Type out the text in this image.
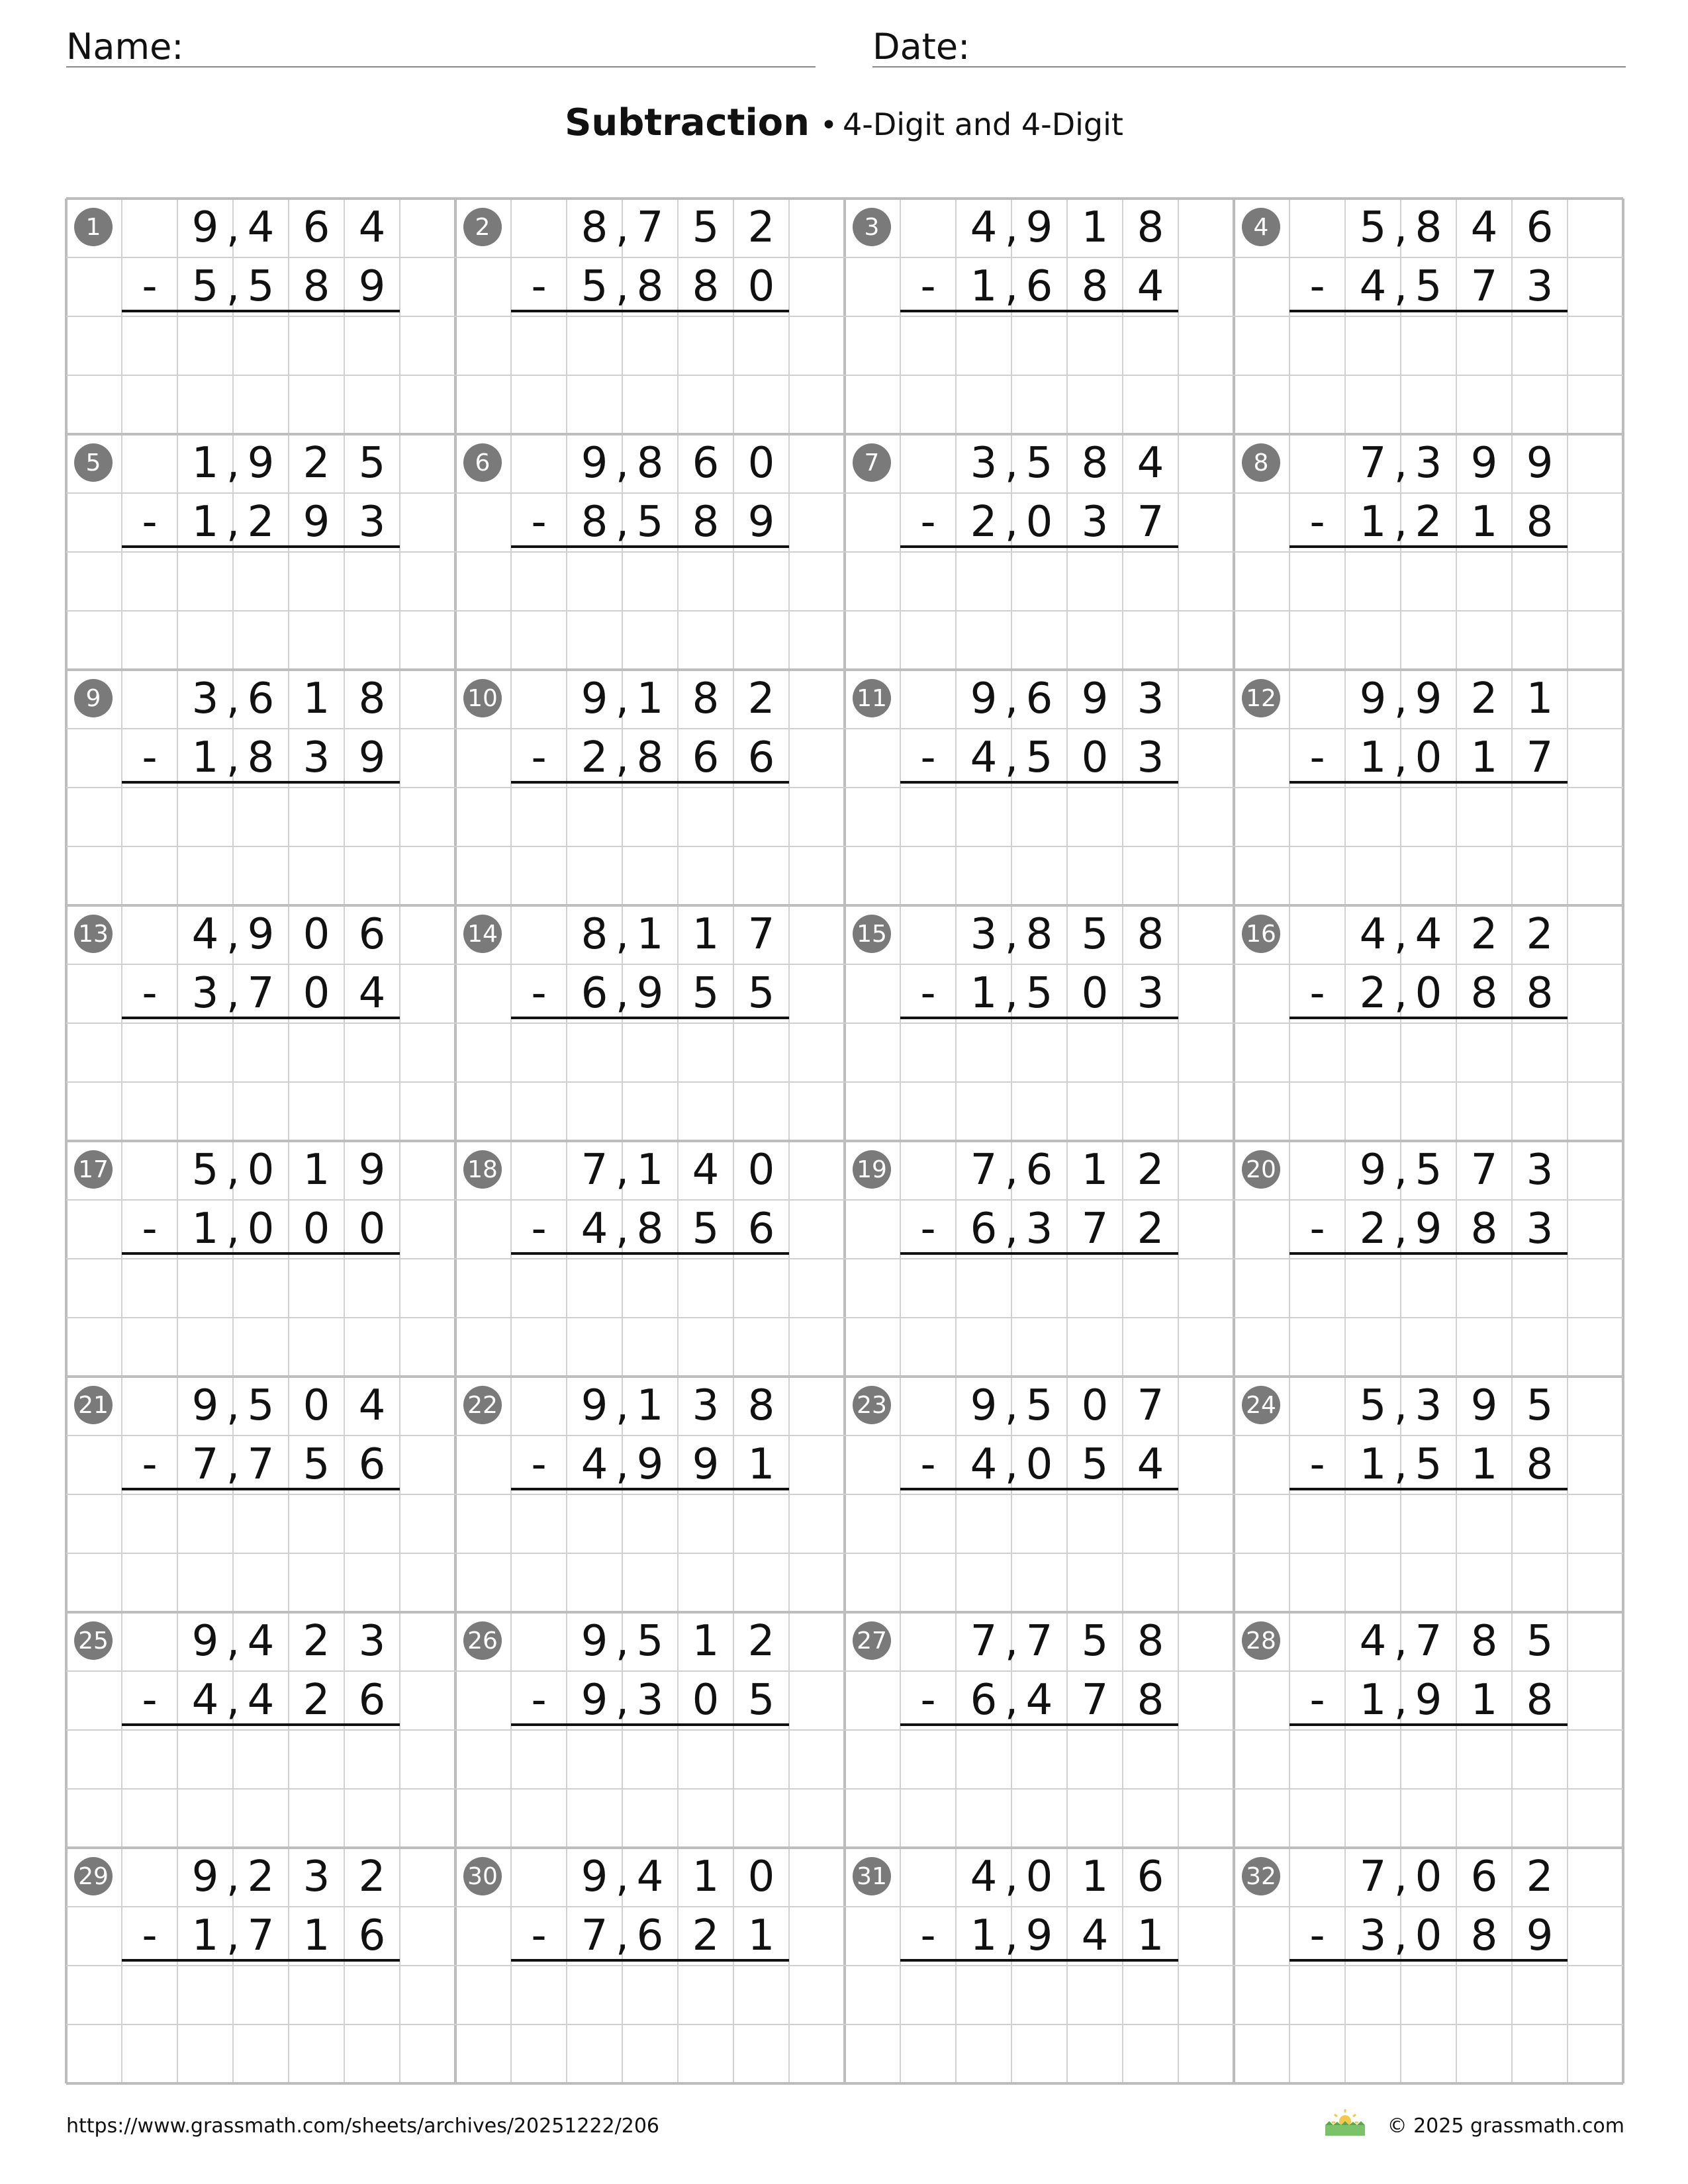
Name:	Date:
Subtraction • 4-Digit and 4-Digit
1 9 4 6 4
,
5 5 8 9
,
-
2 8 7 5 2
,
5 8 8 0
,
-
3 4 9 1 8
,
1 6 8 4
,
-
4 5 8 4 6
,
4 5 7 3
,
-
5 1 9 2 5
,
1 2 9 3
,
-
6 9 8 6 0
,
8 5 8 9
,
-
7 3 5 8 4
,
2 0 3 7
,
-
8 7 3 9 9
,
1 2 1 8
,
-
9 3 6 1 8
,
1 8 3 9
,
-
10 9 1 8 2
,
2 8 6 6
,
-
11 9 6 9 3
,
4 5 0 3
,
-
12 9 9 2 1
,
1 0 1 7
,
-
13 4 9 0 6
,
3 7 0 4
,
-
14 8 1 1 7
,
6 9 5 5
,
-
15 3 8 5 8
,
1 5 0 3
,
-
16 4 4 2 2
,
2 0 8 8
,
-
17 5 0 1 9
,
1 0 0 0
,
-
18 7 1 4 0
,
4 8 5 6
,
-
19 7 6 1 2
,
6 3 7 2
,
-
20 9 5 7 3
,
2 9 8 3
,
-
21 9 5 0 4
,
7 7 5 6
,
-
22 9 1 3 8
,
4 9 9 1
,
-
23 9 5 0 7
,
4 0 5 4
,
-
24 5 3 9 5
,
1 5 1 8
,
-
25 9 4 2 3
,
4 4 2 6
,
-
26 9 5 1 2
,
9 3 0 5
,
-
27 7 7 5 8
,
6 4 7 8
,
-
28 4 7 8 5
,
1 9 1 8
,
-
29 9 2 3 2
,
1 7 1 6
,
-
30 9 4 1 0
,
7 6 2 1
,
-
31 4 0 1 6
,
1 9 4 1
,
-
32 7 0 6 2
,
3 0 8 9
,
-
https://www.grassmath.com/sheets/archives/20251222/206	© 2025 grassmath.com
